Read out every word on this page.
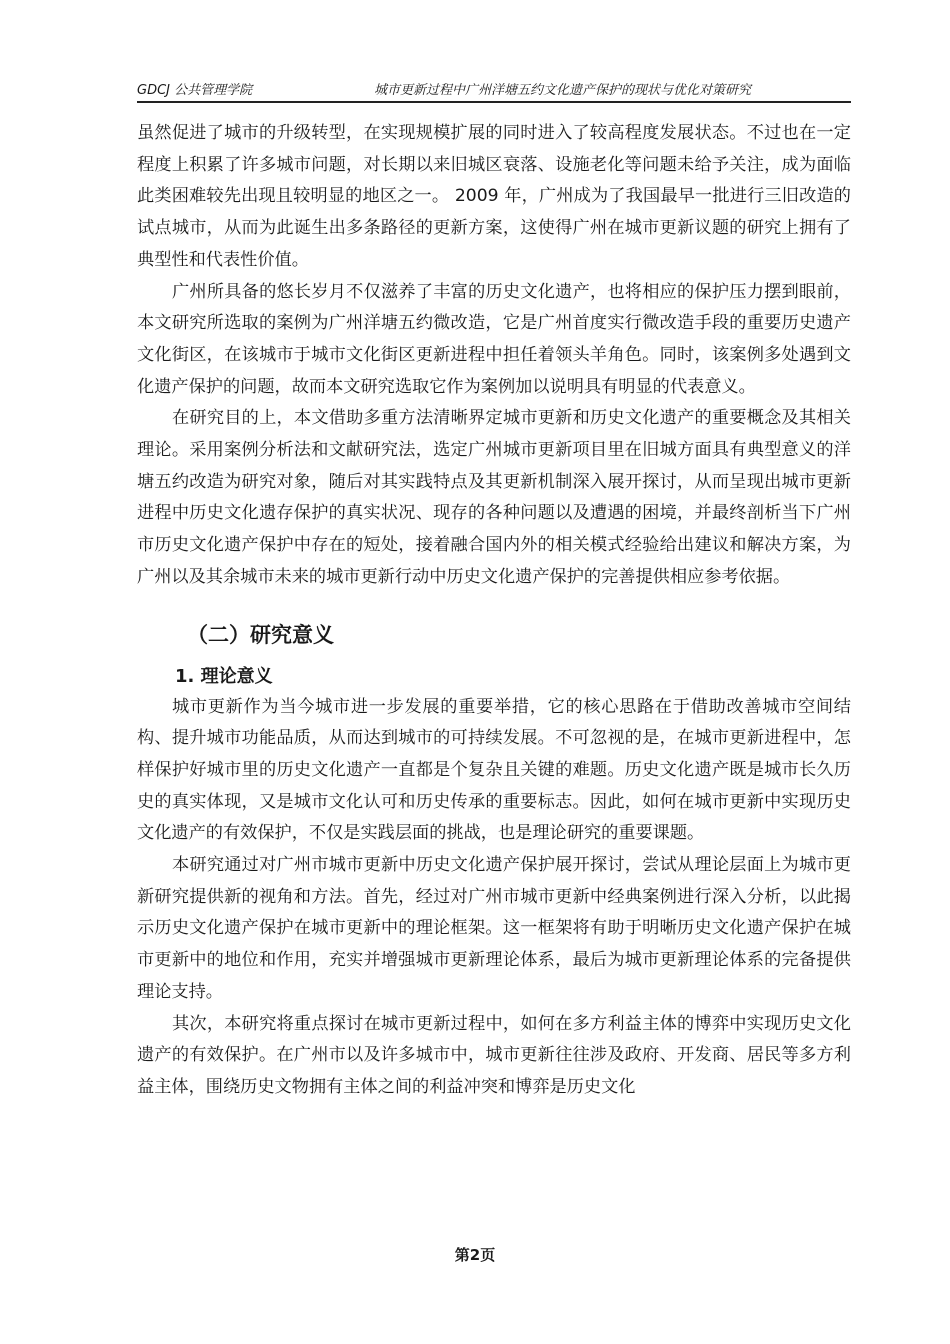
GDCJ 公共管理学院	城市更新过程中广州洋塘五约文化遗产保护的现状与优化对策研究

虽然促进了城市的升级转型，在实现规模扩展的同时进入了较高程度发展状态。不过也在一定程度上积累了许多城市问题，对长期以来旧城区衰落、设施老化等问题未给予关注，成为面临此类困难较先出现且较明显的地区之一。 2009 年，广州成为了我国最早一批进行三旧改造的试点城市，从而为此诞生出多条路径的更新方案，这使得广州在城市更新议题的研究上拥有了典型性和代表性价值。

广州所具备的悠长岁月不仅滋养了丰富的历史文化遗产，也将相应的保护压力摆到眼前，本文研究所选取的案例为广州洋塘五约微改造，它是广州首度实行微改造手段的重要历史遗产文化街区，在该城市于城市文化街区更新进程中担任着领头羊角色。同时，该案例多处遇到文化遗产保护的问题，故而本文研究选取它作为案例加以说明具有明显的代表意义。

在研究目的上，本文借助多重方法清晰界定城市更新和历史文化遗产的重要概念及其相关理论。采用案例分析法和文献研究法，选定广州城市更新项目里在旧城方面具有典型意义的洋塘五约改造为研究对象，随后对其实践特点及其更新机制深入展开探讨，从而呈现出城市更新进程中历史文化遗存保护的真实状况、现存的各种问题以及遭遇的困境，并最终剖析当下广州市历史文化遗产保护中存在的短处，接着融合国内外的相关模式经验给出建议和解决方案，为广州以及其余城市未来的城市更新行动中历史文化遗产保护的完善提供相应参考依据。

（二）研究意义
1. 理论意义

城市更新作为当今城市进一步发展的重要举措，它的核心思路在于借助改善城市空间结构、提升城市功能品质，从而达到城市的可持续发展。不可忽视的是，在城市更新进程中，怎样保护好城市里的历史文化遗产一直都是个复杂且关键的难题。历史文化遗产既是城市长久历史的真实体现，又是城市文化认可和历史传承的重要标志。因此，如何在城市更新中实现历史文化遗产的有效保护，不仅是实践层面的挑战，也是理论研究的重要课题。

本研究通过对广州市城市更新中历史文化遗产保护展开探讨，尝试从理论层面上为城市更新研究提供新的视角和方法。首先，经过对广州市城市更新中经典案例进行深入分析，以此揭示历史文化遗产保护在城市更新中的理论框架。这一框架将有助于明晰历史文化遗产保护在城市更新中的地位和作用，充实并增强城市更新理论体系，最后为城市更新理论体系的完备提供理论支持。

其次，本研究将重点探讨在城市更新过程中，如何在多方利益主体的博弈中实现历史文化遗产的有效保护。在广州市以及许多城市中，城市更新往往涉及政府、开发商、居民等多方利益主体，围绕历史文物拥有主体之间的利益冲突和博弈是历史文化

第2页
